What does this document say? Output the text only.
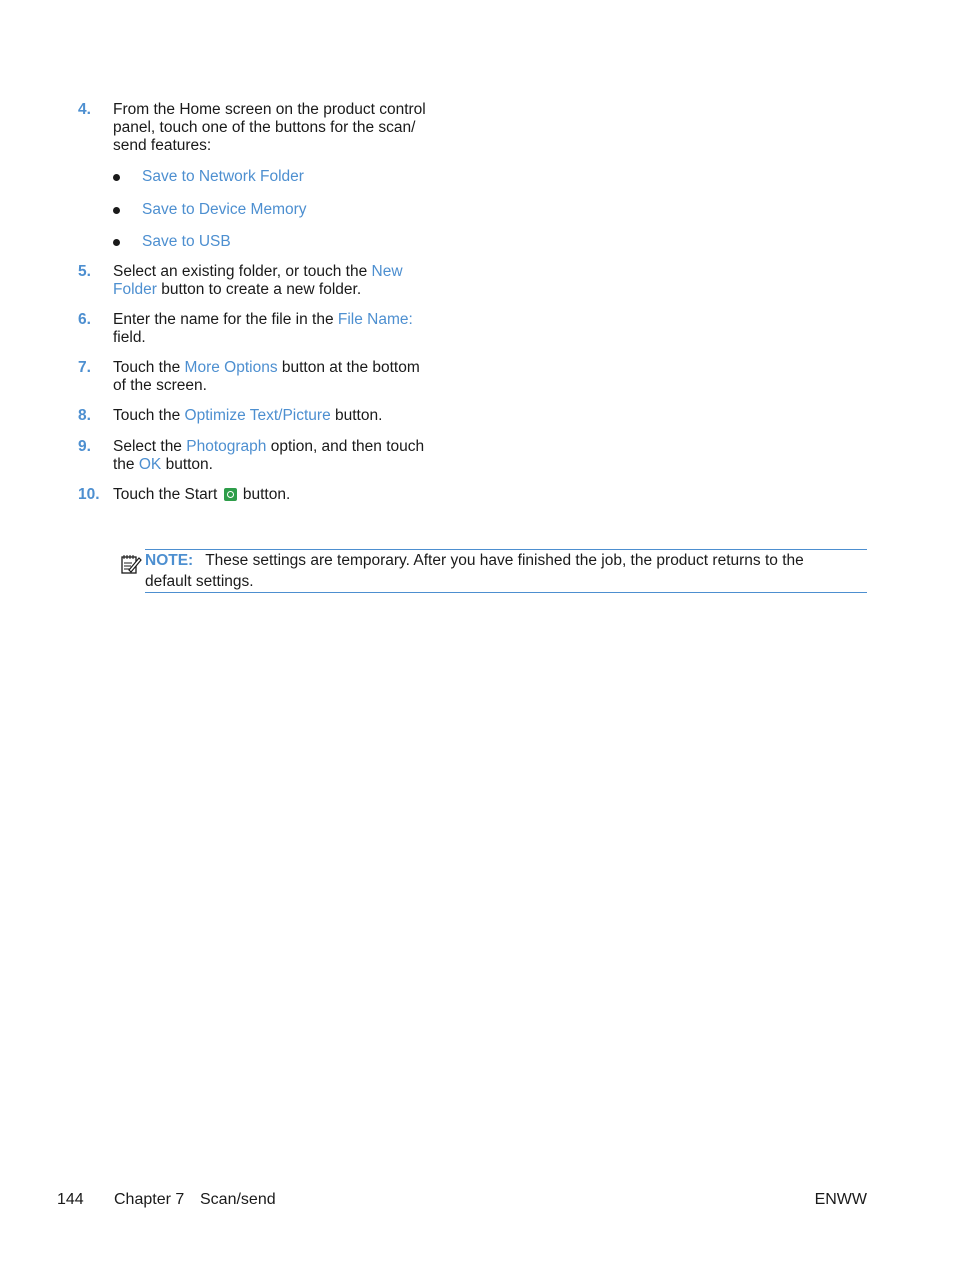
4. From the Home screen on the product control panel, touch one of the buttons for the scan/ send features:
Save to Network Folder
Save to Device Memory
Save to USB
5. Select an existing folder, or touch the New Folder button to create a new folder.
6. Enter the name for the file in the File Name: field.
7. Touch the More Options button at the bottom of the screen.
8. Touch the Optimize Text/Picture button.
9. Select the Photograph option, and then touch the OK button.
10. Touch the Start  button.
NOTE: These settings are temporary. After you have finished the job, the product returns to the default settings.
144 Chapter 7 Scan/send	ENWW
